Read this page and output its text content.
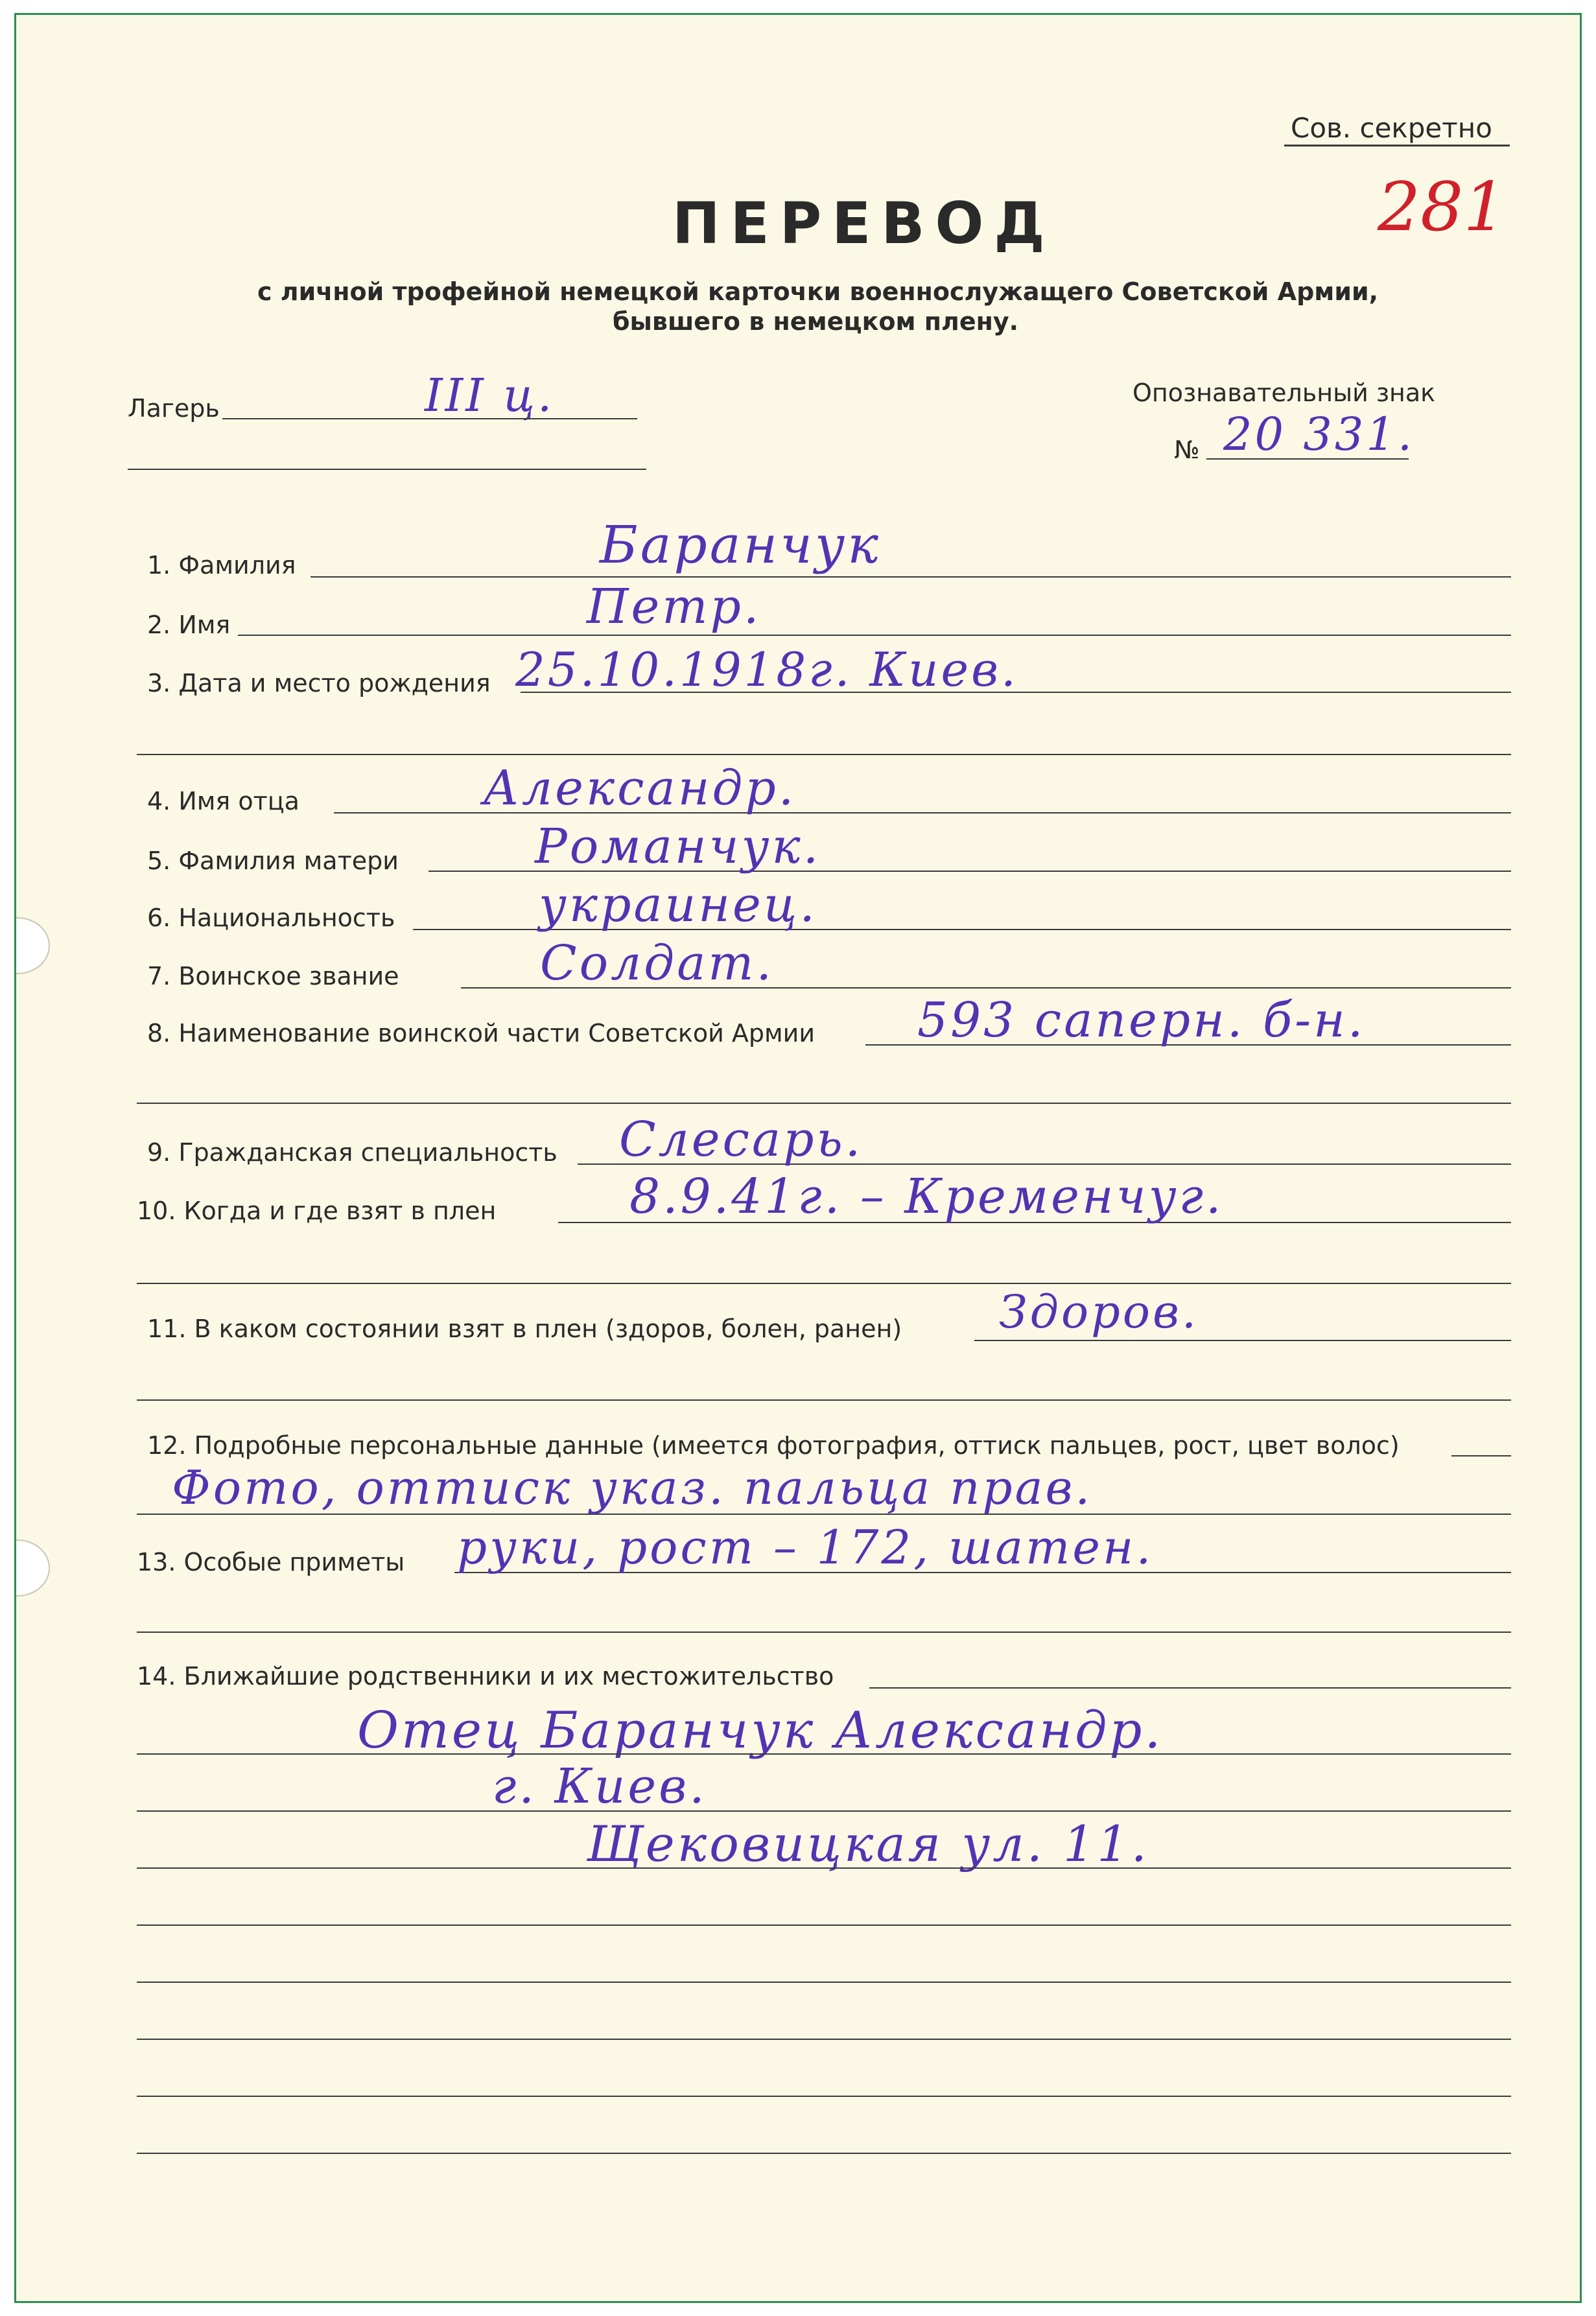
Сов. секретно
281
ПЕРЕВОД
с личной трофейной немецкой карточки военнослужащего Советской Армии,
бывшего в немецком плену.
Лагерь	III ц.	Опознавательный знак
№ 20 331.
1. Фамилия	Баранчук
2. Имя	Петр.
3. Дата и место рождения 25.10.1918г. Киев.
4. Имя отца	Александр.
5. Фамилия матери	Романчук.
6. Национальность	украинец.
7. Воинское звание	Солдат.
8. Наименование воинской части Советской Армии 593 саперн. б-н.
9. Гражданская специальность Слесарь.
10. Когда и где взят в плен	8.9.41г. – Кременчуг.
11. В каком состоянии взят в плен (здоров, болен, ранен) Здоров.
12. Подробные персональные данные (имеется фотография, оттиск пальцев, рост, цвет волос)
Фото, оттиск указ. пальца прав.
13. Особые приметы руки, рост – 172, шатен.
14. Ближайшие родственники и их местожительство
Отец Баранчук Александр.
г. Киев.
Щековицкая ул. 11.
